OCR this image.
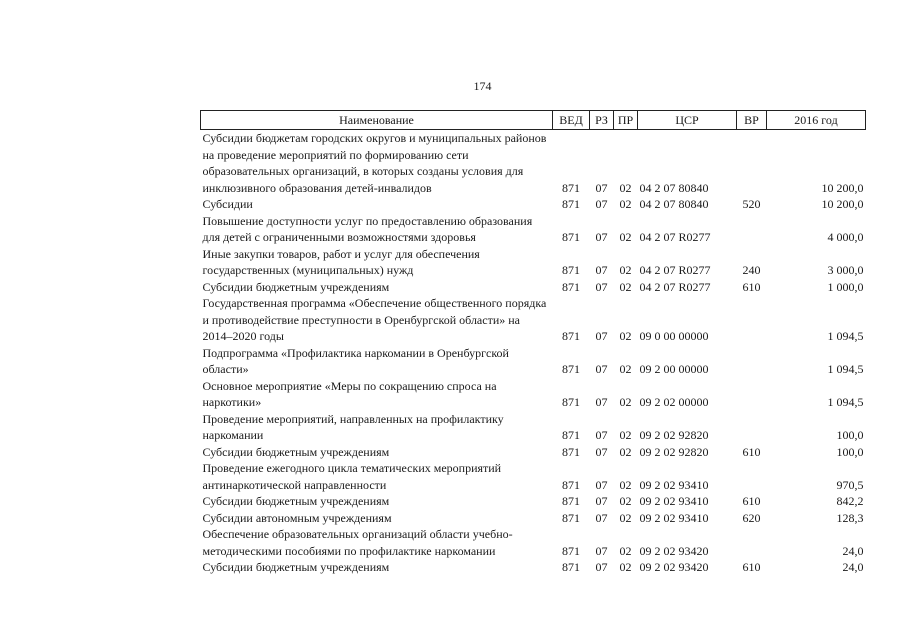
174
Наименование	ВЕД	РЗ	ПР	ЦСР	ВР	2016 год
Субсидии бюджетам городских округов и муниципальных районов на проведение мероприятий по формированию сети образовательных организаций, в которых созданы условия для инклюзивного образования детей-инвалидов	871	07	02	04 2 07 80840		10 200,0
Субсидии	871	07	02	04 2 07 80840	520	10 200,0
Повышение доступности услуг по предоставлению образования для детей с ограниченными возможностями здоровья	871	07	02	04 2 07 R0277		4 000,0
Иные закупки товаров, работ и услуг для обеспечения государственных (муниципальных) нужд	871	07	02	04 2 07 R0277	240	3 000,0
Субсидии бюджетным учреждениям	871	07	02	04 2 07 R0277	610	1 000,0
Государственная программа «Обеспечение общественного порядка и противодействие преступности в Оренбургской области» на 2014–2020 годы	871	07	02	09 0 00 00000		1 094,5
Подпрограмма «Профилактика наркомании в Оренбургской области»	871	07	02	09 2 00 00000		1 094,5
Основное мероприятие «Меры по сокращению спроса на наркотики»	871	07	02	09 2 02 00000		1 094,5
Проведение мероприятий, направленных на профилактику наркомании	871	07	02	09 2 02 92820		100,0
Субсидии бюджетным учреждениям	871	07	02	09 2 02 92820	610	100,0
Проведение ежегодного цикла тематических мероприятий антинаркотической направленности	871	07	02	09 2 02 93410		970,5
Субсидии бюджетным учреждениям	871	07	02	09 2 02 93410	610	842,2
Субсидии автономным учреждениям	871	07	02	09 2 02 93410	620	128,3
Обеспечение образовательных организаций области учебно-методическими пособиями по профилактике наркомании	871	07	02	09 2 02 93420		24,0
Субсидии бюджетным учреждениям	871	07	02	09 2 02 93420	610	24,0
